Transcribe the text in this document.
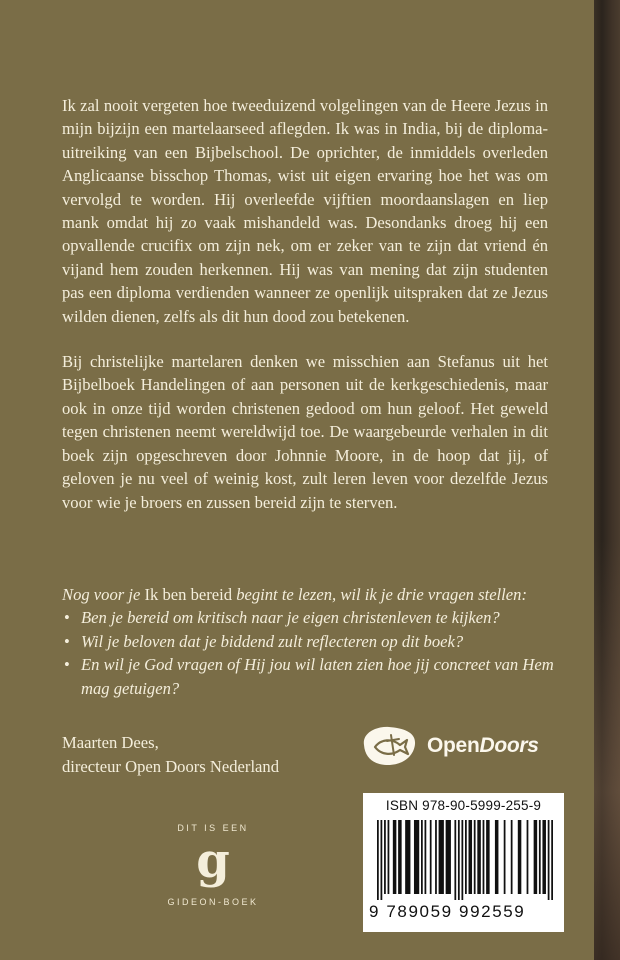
Ik zal nooit vergeten hoe tweeduizend volgelingen van de Heere Jezus in mijn bijzijn een martelaarseed aflegden. Ik was in India, bij de diploma-uitreiking van een Bijbelschool. De oprichter, de inmiddels overleden Anglicaanse bisschop Thomas, wist uit eigen ervaring hoe het was om vervolgd te worden. Hij overleefde vijftien moordaanslagen en liep mank omdat hij zo vaak mishandeld was. Desondanks droeg hij een opvallende crucifix om zijn nek, om er zeker van te zijn dat vriend én vijand hem zouden herkennen. Hij was van mening dat zijn studenten pas een diploma verdienden wanneer ze openlijk uitspraken dat ze Jezus wilden dienen, zelfs als dit hun dood zou betekenen.

Bij christelijke martelaren denken we misschien aan Stefanus uit het Bijbelboek Handelingen of aan personen uit de kerkgeschiedenis, maar ook in onze tijd worden christenen gedood om hun geloof. Het geweld tegen christenen neemt wereldwijd toe. De waargebeurde verhalen in dit boek zijn opgeschreven door Johnnie Moore, in de hoop dat jij, of geloven je nu veel of weinig kost, zult leren leven voor dezelfde Jezus voor wie je broers en zussen bereid zijn te sterven.

Nog voor je Ik ben bereid begint te lezen, wil ik je drie vragen stellen:

• Ben je bereid om kritisch naar je eigen christenleven te kijken?
• Wil je beloven dat je biddend zult reflecteren op dit boek?
• En wil je God vragen of Hij jou wil laten zien hoe jij concreet van Hem mag getuigen?
Maarten Dees,
directeur Open Doors Nederland
OpenDoors
DIT IS EEN
g
GIDEON-BOEK
ISBN 978-90-5999-255-9
9 789059 992559
